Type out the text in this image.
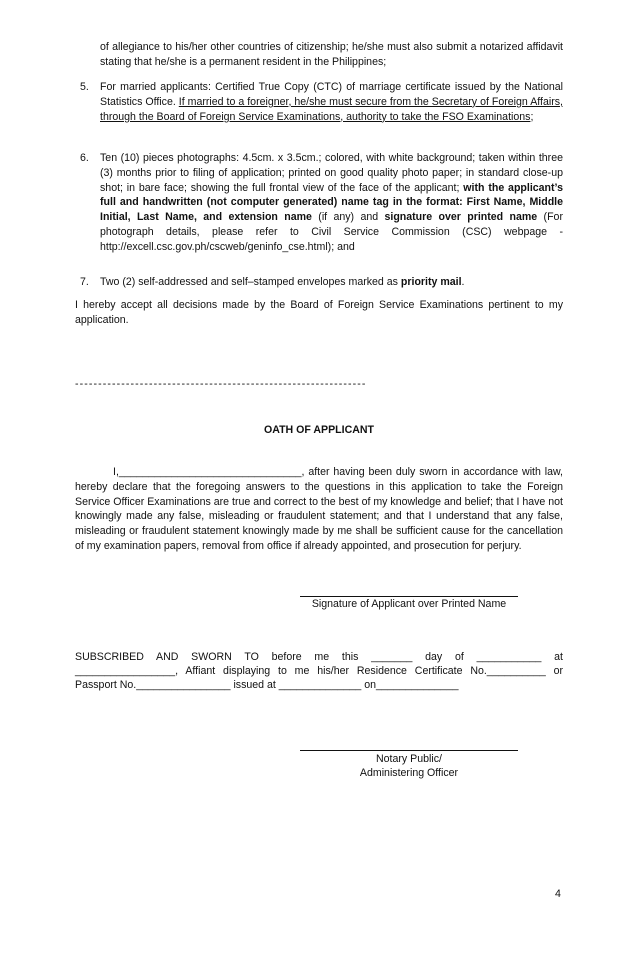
of allegiance to his/her other countries of citizenship; he/she must also submit a notarized affidavit stating that he/she is a permanent resident in the Philippines;
5. For married applicants: Certified True Copy (CTC) of marriage certificate issued by the National Statistics Office. If married to a foreigner, he/she must secure from the Secretary of Foreign Affairs, through the Board of Foreign Service Examinations, authority to take the FSO Examinations;
6. Ten (10) pieces photographs: 4.5cm. x 3.5cm.; colored, with white background; taken within three (3) months prior to filing of application; printed on good quality photo paper; in standard close-up shot; in bare face; showing the full frontal view of the face of the applicant; with the applicant’s full and handwritten (not computer generated) name tag in the format: First Name, Middle Initial, Last Name, and extension name (if any) and signature over printed name (For photograph details, please refer to Civil Service Commission (CSC) webpage - http://excell.csc.gov.ph/cscweb/geninfo_cse.html); and
7. Two (2) self-addressed and self–stamped envelopes marked as priority mail.
I hereby accept all decisions made by the Board of Foreign Service Examinations pertinent to my application.
---------------------------------------------------------------
OATH OF APPLICANT
I,_______________________________, after having been duly sworn in accordance with law, hereby declare that the foregoing answers to the questions in this application to take the Foreign Service Officer Examinations are true and correct to the best of my knowledge and belief; that I have not knowingly made any false, misleading or fraudulent statement; and that I understand that any false, misleading or fraudulent statement knowingly made by me shall be sufficient cause for the cancellation of my examination papers, removal from office if already appointed, and prosecution for perjury.
Signature of Applicant over Printed Name
SUBSCRIBED AND SWORN TO before me this _______ day of ___________ at
_________________, Affiant displaying to me his/her Residence Certificate No.__________ or
Passport No.________________ issued at ______________ on______________
Notary Public/
Administering Officer
4
